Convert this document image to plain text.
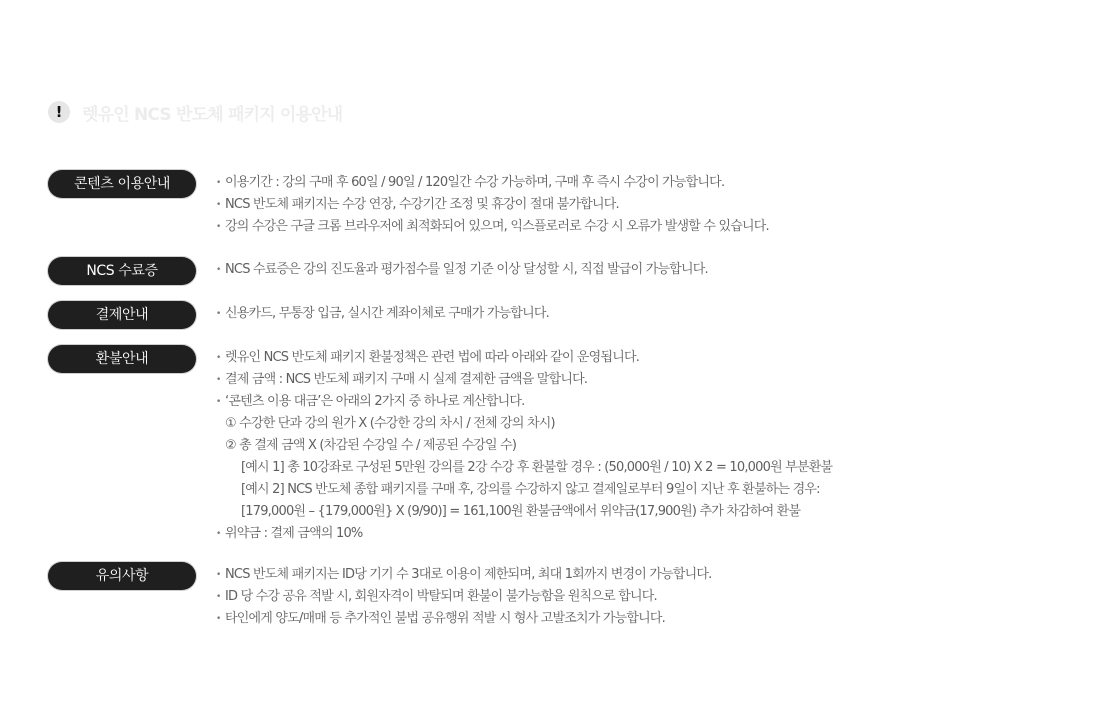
!	렛유인 NCS 반도체 패키지 이용안내
콘텐츠 이용안내	• 이용기간 : 강의 구매 후 60일 / 90일 / 120일간 수강 가능하며, 구매 후 즉시 수강이 가능합니다.
• NCS 반도체 패키지는 수강 연장, 수강기간 조정 및 휴강이 절대 불가합니다.
• 강의 수강은 구글 크롬 브라우저에 최적화되어 있으며, 익스플로러로 수강 시 오류가 발생할 수 있습니다.
NCS 수료증	• NCS 수료증은 강의 진도율과 평가점수를 일정 기준 이상 달성할 시, 직접 발급이 가능합니다.
결제안내	• 신용카드, 무통장 입금, 실시간 계좌이체로 구매가 가능합니다.
환불안내	• 렛유인 NCS 반도체 패키지 환불정책은 관련 법에 따라 아래와 같이 운영됩니다.
• 결제 금액 : NCS 반도체 패키지 구매 시 실제 결제한 금액을 말합니다.
• ‘콘텐츠 이용 대금’은 아래의 2가지 중 하나로 계산합니다.
① 수강한 단과 강의 원가 X (수강한 강의 차시 / 전체 강의 차시)
② 총 결제 금액 X (차감된 수강일 수 / 제공된 수강일 수)
[예시 1] 총 10강좌로 구성된 5만원 강의를 2강 수강 후 환불할 경우 : (50,000원 / 10) X 2 = 10,000원 부분환불
[예시 2] NCS 반도체 종합 패키지를 구매 후, 강의를 수강하지 않고 결제일로부터 9일이 지난 후 환불하는 경우:
[179,000원 – {179,000원} X (9/90)] = 161,100원 환불금액에서 위약금(17,900원) 추가 차감하여 환불
• 위약금 : 결제 금액의 10%
유의사항	• NCS 반도체 패키지는 ID당 기기 수 3대로 이용이 제한되며, 최대 1회까지 변경이 가능합니다.
• ID 당 수강 공유 적발 시, 회원자격이 박탈되며 환불이 불가능함을 원칙으로 합니다.
• 타인에게 양도/매매 등 추가적인 불법 공유행위 적발 시 형사 고발조치가 가능합니다.
